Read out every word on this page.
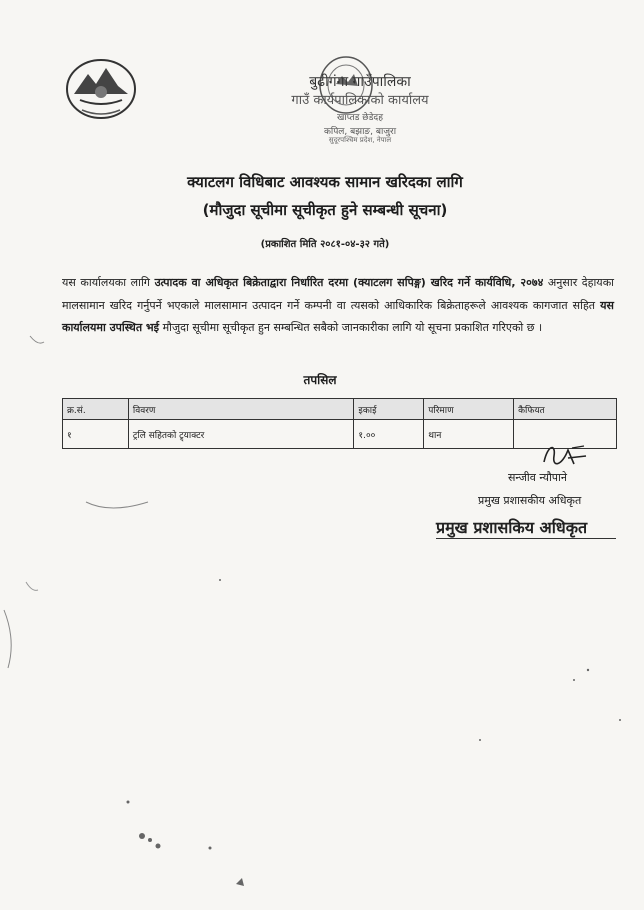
बुढीगंगा गाउँपालिका
गाउँ कार्यपालिकाको कार्यालय
खाप्तड छेडेदह
कपिल, बझाङ, बाजुरा
सुदूरपश्चिम प्रदेश, नेपाल
क्याटलग विधिबाट आवश्यक सामान खरिदका लागि
(मौजुदा सूचीमा सूचीकृत हुने सम्बन्धी सूचना)
(प्रकाशित मिति २०८१-०४-३२ गते)
यस कार्यालयका लागि उत्पादक वा अधिकृत बिक्रेताद्वारा निर्धारित दरमा (क्याटलग सपिङ्ग) खरिद गर्ने कार्यविधि, २०७४ अनुसार देहायका मालसामान खरिद गर्नुपर्ने भएकाले मालसामान उत्पादन गर्ने कम्पनी वा त्यसको आधिकारिक बिक्रेताहरूले आवश्यक कागजात सहित यस कार्यालयमा उपस्थित भई मौजुदा सूचीमा सूचीकृत हुन सम्बन्धित सबैको जानकारीका लागि यो सूचना प्रकाशित गरिएको छ ।
तपसिल
क्र.सं.	विवरण	इकाई	परिमाण	कैफियत
१	ट्रलि सहितको ट्र्याक्टर	१.००	थान	
सन्जीव न्यौपाने
प्रमुख प्रशासकीय अधिकृत
प्रमुख प्रशासकिय अधिकृत
